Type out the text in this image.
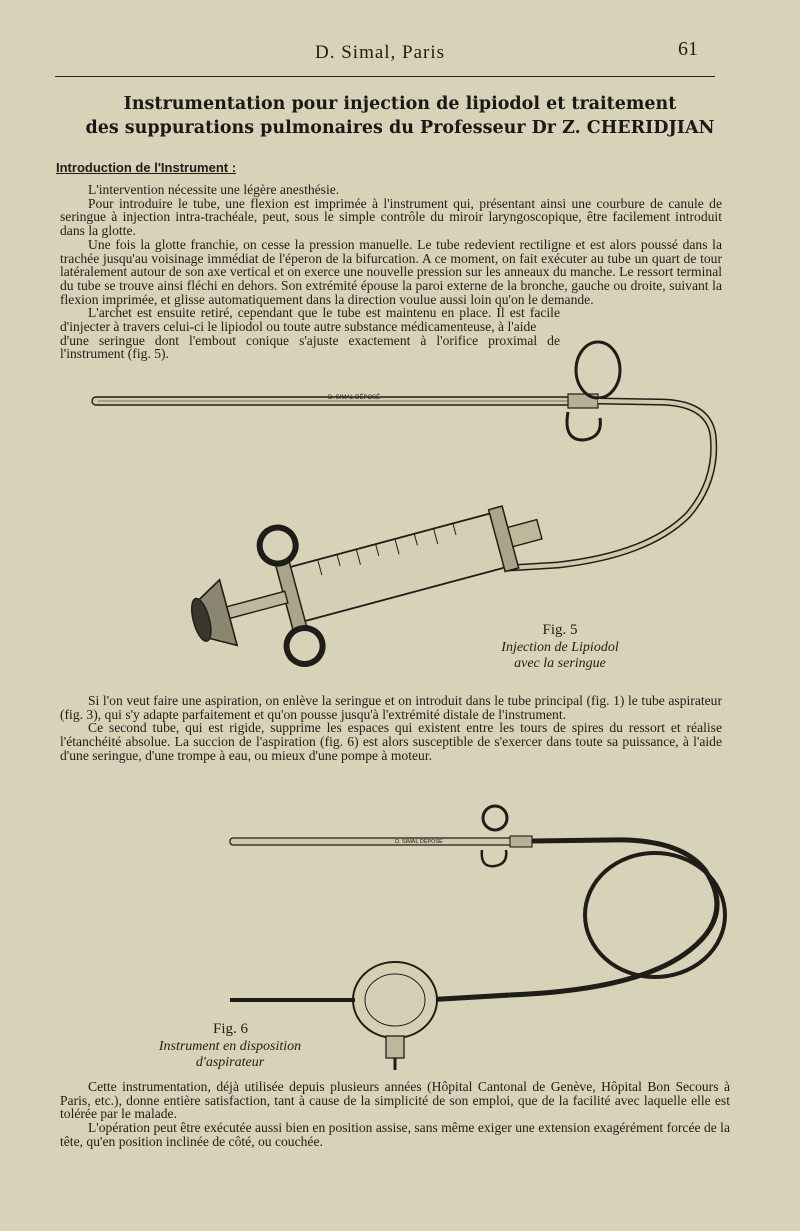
D. Simal, Paris	61
Instrumentation pour injection de lipiodol et traitement
des suppurations pulmonaires du Professeur Dr Z. CHERIDJIAN
Introduction de l'Instrument :

L'intervention nécessite une légère anesthésie.

Pour introduire le tube, une flexion est imprimée à l'instrument qui, présentant ainsi une courbure de canule de seringue à injection intra-trachéale, peut, sous le simple contrôle du miroir laryngoscopique, être facilement introduit dans la glotte.

Une fois la glotte franchie, on cesse la pression manuelle. Le tube redevient rectiligne et est alors poussé dans la trachée jusqu'au voisinage immédiat de l'éperon de la bifurcation. A ce moment, on fait exécuter au tube un quart de tour latéralement autour de son axe vertical et on exerce une nouvelle pression sur les anneaux du manche. Le ressort terminal du tube se trouve ainsi fléchi en dehors. Son extrémité épouse la paroi externe de la bronche, gauche ou droite, suivant la flexion imprimée, et glisse automatiquement dans la direction voulue aussi loin qu'on le demande.

L'archet est ensuite retiré, cependant que le tube est maintenu en place. Il est facile d'injecter à travers celui-ci le lipiodol ou toute autre substance médicamenteuse, à l'aide

d'une seringue dont l'embout conique s'ajuste exactement à l'orifice proximal de l'instrument (fig. 5).

D. SIMAL DÉPOSÉ
Fig. 5
Injection de Lipiodol
avec la seringue

Si l'on veut faire une aspiration, on enlève la seringue et on introduit dans le tube principal (fig. 1) le tube aspirateur (fig. 3), qui s'y adapte parfaitement et qu'on pousse jusqu'à l'extrémité distale de l'instrument.

Ce second tube, qui est rigide, supprime les espaces qui existent entre les tours de spires du ressort et réalise l'étanchéité absolue. La succion de l'aspiration (fig. 6) est alors susceptible de s'exercer dans toute sa puissance, à l'aide d'une seringue, d'une trompe à eau, ou mieux d'une pompe à moteur.

D. SIMAL DÉPOSÉ
Fig. 6
Instrument en disposition
d'aspirateur

Cette instrumentation, déjà utilisée depuis plusieurs années (Hôpital Cantonal de Genève, Hôpital Bon Secours à Paris, etc.), donne entière satisfaction, tant à cause de la simplicité de son emploi, que de la facilité avec laquelle elle est tolérée par le malade.

L'opération peut être exécutée aussi bien en position assise, sans même exiger une extension exagérément forcée de la tête, qu'en position inclinée de côté, ou couchée.
